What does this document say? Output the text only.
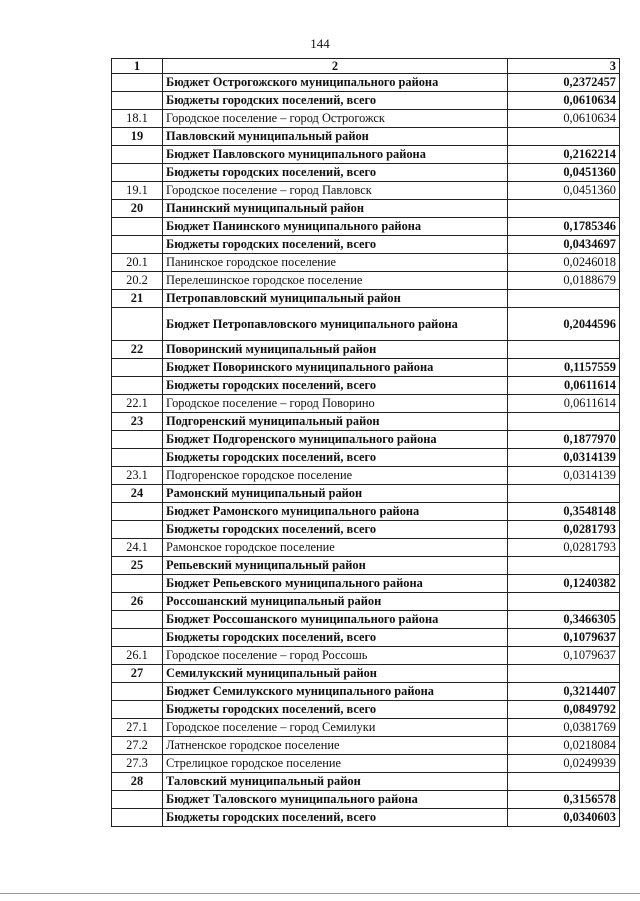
144
1	2	3
	Бюджет Острогожского муниципального района	0,2372457
	Бюджеты городских поселений, всего	0,0610634
18.1	Городское поселение – город Острогожск	0,0610634
19	Павловский муниципальный район	
	Бюджет Павловского муниципального района	0,2162214
	Бюджеты городских поселений, всего	0,0451360
19.1	Городское поселение – город Павловск	0,0451360
20	Панинский муниципальный район	
	Бюджет Панинского муниципального района	0,1785346
	Бюджеты городских поселений, всего	0,0434697
20.1	Панинское городское поселение	0,0246018
20.2	Перелешинское городское поселение	0,0188679
21	Петропавловский муниципальный район	
	Бюджет Петропавловского муниципального района	0,2044596
22	Поворинский муниципальный район	
	Бюджет Поворинского муниципального района	0,1157559
	Бюджеты городских поселений, всего	0,0611614
22.1	Городское поселение – город Поворино	0,0611614
23	Подгоренский муниципальный район	
	Бюджет Подгоренского муниципального района	0,1877970
	Бюджеты городских поселений, всего	0,0314139
23.1	Подгоренское городское поселение	0,0314139
24	Рамонский муниципальный район	
	Бюджет Рамонского муниципального района	0,3548148
	Бюджеты городских поселений, всего	0,0281793
24.1	Рамонское городское поселение	0,0281793
25	Репьевский муниципальный район	
	Бюджет Репьевского муниципального района	0,1240382
26	Россошанский муниципальный район	
	Бюджет Россошанского муниципального района	0,3466305
	Бюджеты городских поселений, всего	0,1079637
26.1	Городское поселение – город Россошь	0,1079637
27	Семилукский муниципальный район	
	Бюджет Семилукского муниципального района	0,3214407
	Бюджеты городских поселений, всего	0,0849792
27.1	Городское поселение – город Семилуки	0,0381769
27.2	Латненское городское поселение	0,0218084
27.3	Стрелицкое городское поселение	0,0249939
28	Таловский муниципальный район	
	Бюджет Таловского муниципального района	0,3156578
	Бюджеты городских поселений, всего	0,0340603
